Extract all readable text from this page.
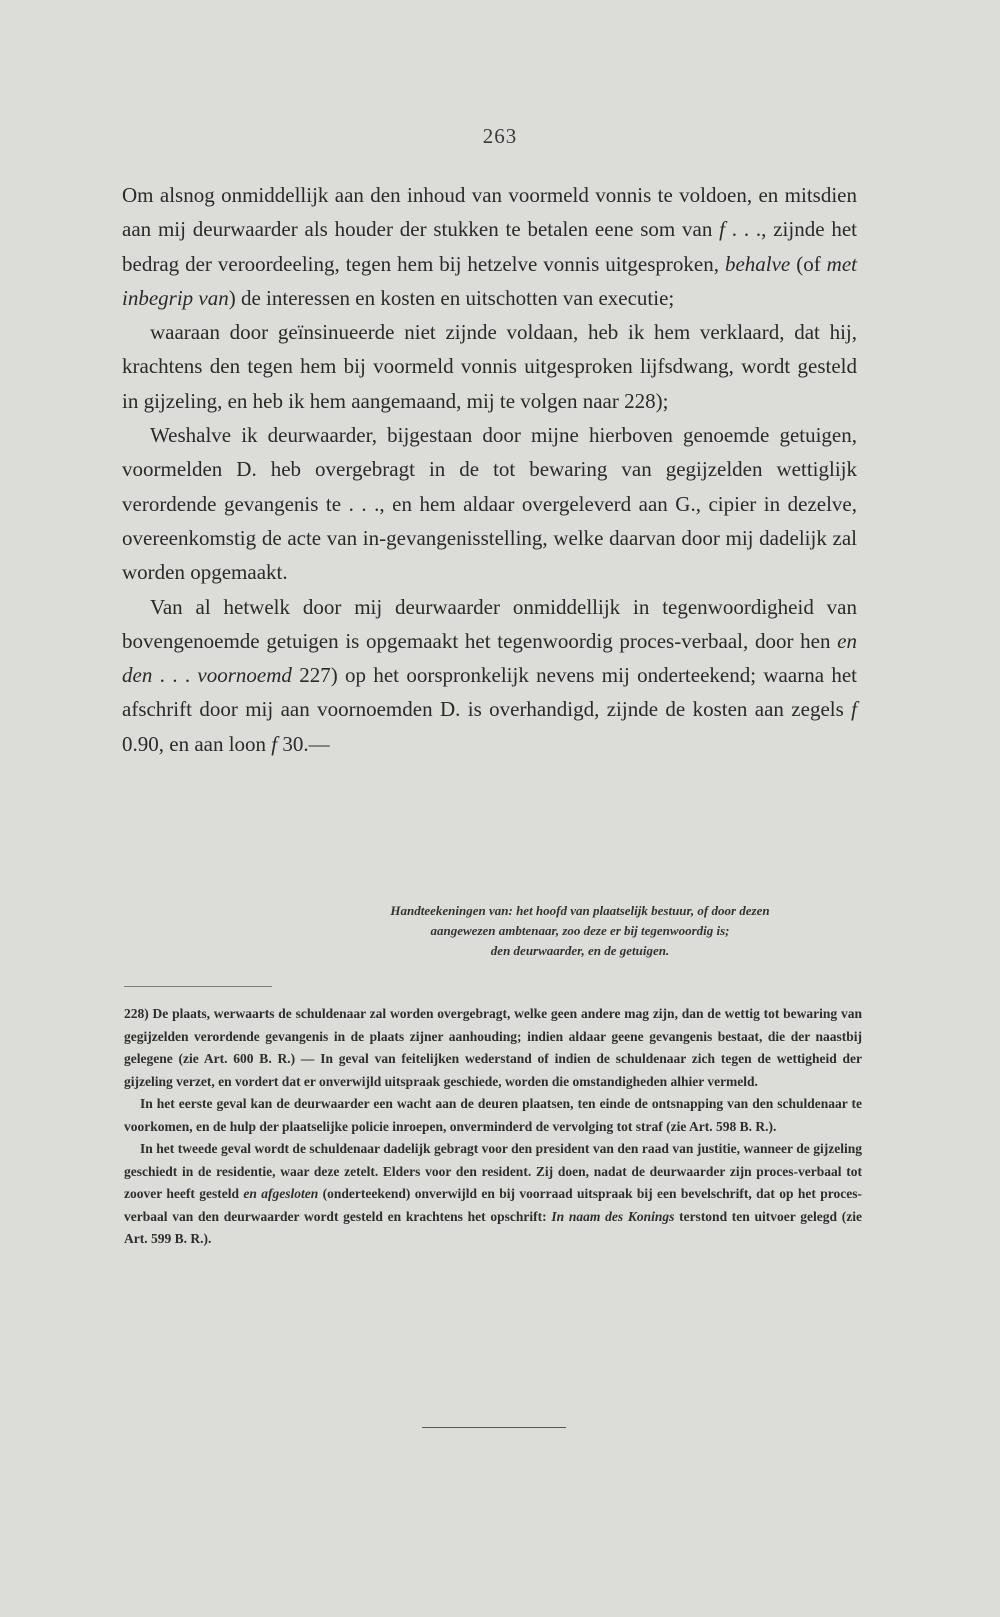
263

Om alsnog onmiddellijk aan den inhoud van voormeld vonnis te voldoen, en mitsdien aan mij deurwaarder als houder der stukken te betalen eene som van f . . ., zijnde het bedrag der veroordeeling, tegen hem bij hetzelve vonnis uitgesproken, behalve (of met inbegrip van) de interessen en kosten en uitschotten van executie;

waaraan door geïnsinueerde niet zijnde voldaan, heb ik hem verklaard, dat hij, krachtens den tegen hem bij voormeld vonnis uitgesproken lijfsdwang, wordt gesteld in gijzeling, en heb ik hem aangemaand, mij te volgen naar 228);

Weshalve ik deurwaarder, bijgestaan door mijne hierboven genoemde getuigen, voormelden D. heb overgebragt in de tot bewaring van gegijzelden wettiglijk verordende gevangenis te . . ., en hem aldaar overgeleverd aan G., cipier in dezelve, overeenkomstig de acte van in-gevangenisstelling, welke daarvan door mij dadelijk zal worden opgemaakt.

Van al hetwelk door mij deurwaarder onmiddellijk in tegenwoordigheid van bovengenoemde getuigen is opgemaakt het tegenwoordig proces-verbaal, door hen en den . . . voornoemd 227) op het oorspronkelijk nevens mij onderteekend; waarna het afschrift door mij aan voornoemden D. is overhandigd, zijnde de kosten aan zegels f 0.90, en aan loon f 30.—

Handteekeningen van: het hoofd van plaatselijk bestuur, of door dezen
aangewezen ambtenaar, zoo deze er bij tegenwoordig is;
den deurwaarder, en de getuigen.

228) De plaats, werwaarts de schuldenaar zal worden overgebragt, welke geen andere mag zijn, dan de wettig tot bewaring van gegijzelden verordende gevangenis in de plaats zijner aanhouding; indien aldaar geene gevangenis bestaat, die der naastbij gelegene (zie Art. 600 B. R.) — In geval van feitelijken wederstand of indien de schuldenaar zich tegen de wettigheid der gijzeling verzet, en vordert dat er onverwijld uitspraak geschiede, worden die omstandigheden alhier vermeld.

In het eerste geval kan de deurwaarder een wacht aan de deuren plaatsen, ten einde de ontsnapping van den schuldenaar te voorkomen, en de hulp der plaatselijke policie inroepen, onverminderd de vervolging tot straf (zie Art. 598 B. R.).

In het tweede geval wordt de schuldenaar dadelijk gebragt voor den president van den raad van justitie, wanneer de gijzeling geschiedt in de residentie, waar deze zetelt. Elders voor den resident. Zij doen, nadat de deurwaarder zijn proces-verbaal tot zoover heeft gesteld en afgesloten (onderteekend) onverwijld en bij voorraad uitspraak bij een bevelschrift, dat op het proces-verbaal van den deurwaarder wordt gesteld en krachtens het opschrift: In naam des Konings terstond ten uitvoer gelegd (zie Art. 599 B. R.).
